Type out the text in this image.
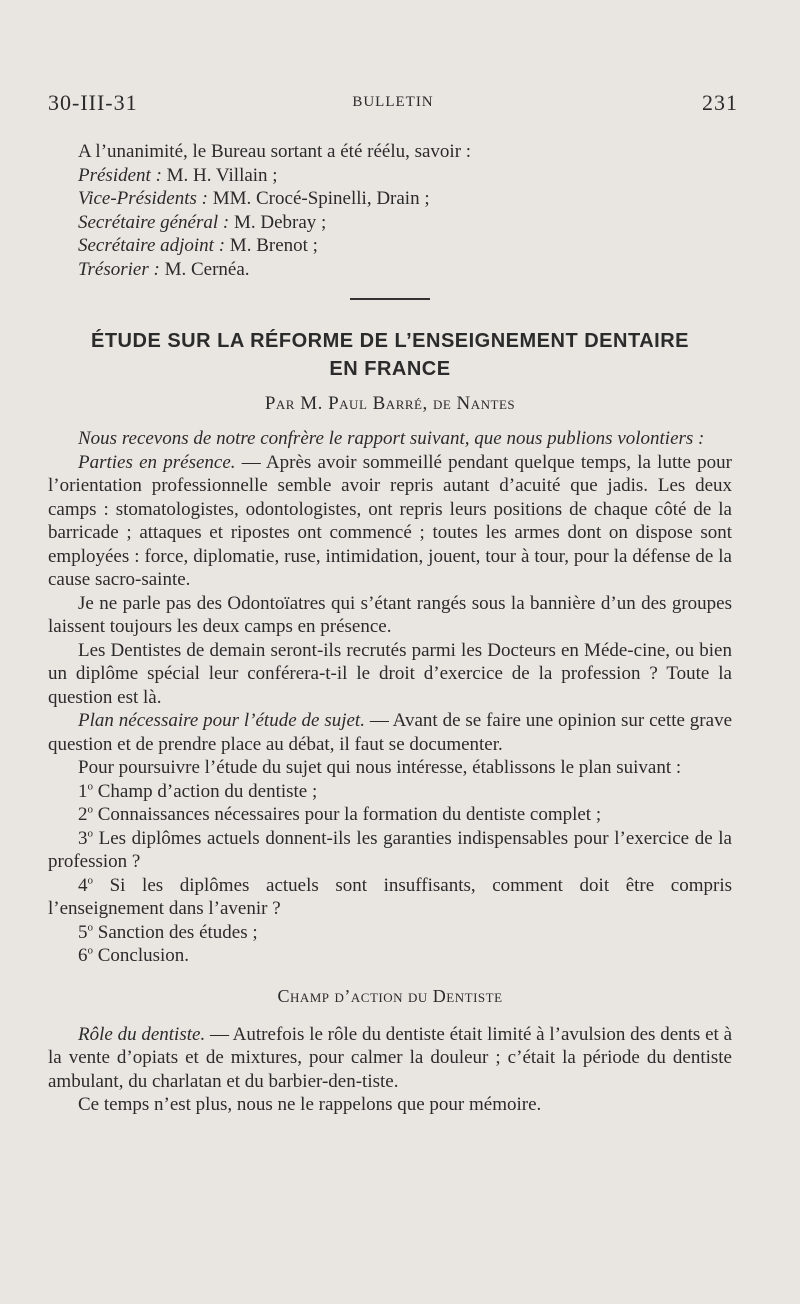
30-III-31	BULLETIN	231
A l’unanimité, le Bureau sortant a été réélu, savoir :
Président : M. H. Villain ;
Vice-Présidents : MM. Crocé-Spinelli, Drain ;
Secrétaire général : M. Debray ;
Secrétaire adjoint : M. Brenot ;
Trésorier : M. Cernéa.
ÉTUDE SUR LA RÉFORME DE L’ENSEIGNEMENT DENTAIRE
EN FRANCE
Par M. Paul Barré, de Nantes

Nous recevons de notre confrère le rapport suivant, que nous publions volontiers :

Parties en présence. — Après avoir sommeillé pendant quelque temps, la lutte pour l’orientation professionnelle semble avoir repris autant d’acuité que jadis. Les deux camps : stomatologistes, odontologistes, ont repris leurs positions de chaque côté de la barricade ; attaques et ripostes ont commencé ; toutes les armes dont on dispose sont employées : force, diplomatie, ruse, intimidation, jouent, tour à tour, pour la défense de la cause sacro-sainte.

Je ne parle pas des Odontoïatres qui s’étant rangés sous la bannière d’un des groupes laissent toujours les deux camps en présence.

Les Dentistes de demain seront-ils recrutés parmi les Docteurs en Méde-cine, ou bien un diplôme spécial leur conférera-t-il le droit d’exercice de la profession ? Toute la question est là.

Plan nécessaire pour l’étude de sujet. — Avant de se faire une opinion sur cette grave question et de prendre place au débat, il faut se documenter.

Pour poursuivre l’étude du sujet qui nous intéresse, établissons le plan suivant :

1$^o$ Champ d’action du dentiste ;

2$^o$ Connaissances nécessaires pour la formation du dentiste complet ;

3$^o$ Les diplômes actuels donnent-ils les garanties indispensables pour l’exercice de la profession ?

4$^o$ Si les diplômes actuels sont insuffisants, comment doit être compris l’enseignement dans l’avenir ?

5$^o$ Sanction des études ;

6$^o$ Conclusion.

Champ d’action du Dentiste

Rôle du dentiste. — Autrefois le rôle du dentiste était limité à l’avulsion des dents et à la vente d’opiats et de mixtures, pour calmer la douleur ; c’était la période du dentiste ambulant, du charlatan et du barbier-den-tiste.

Ce temps n’est plus, nous ne le rappelons que pour mémoire.
